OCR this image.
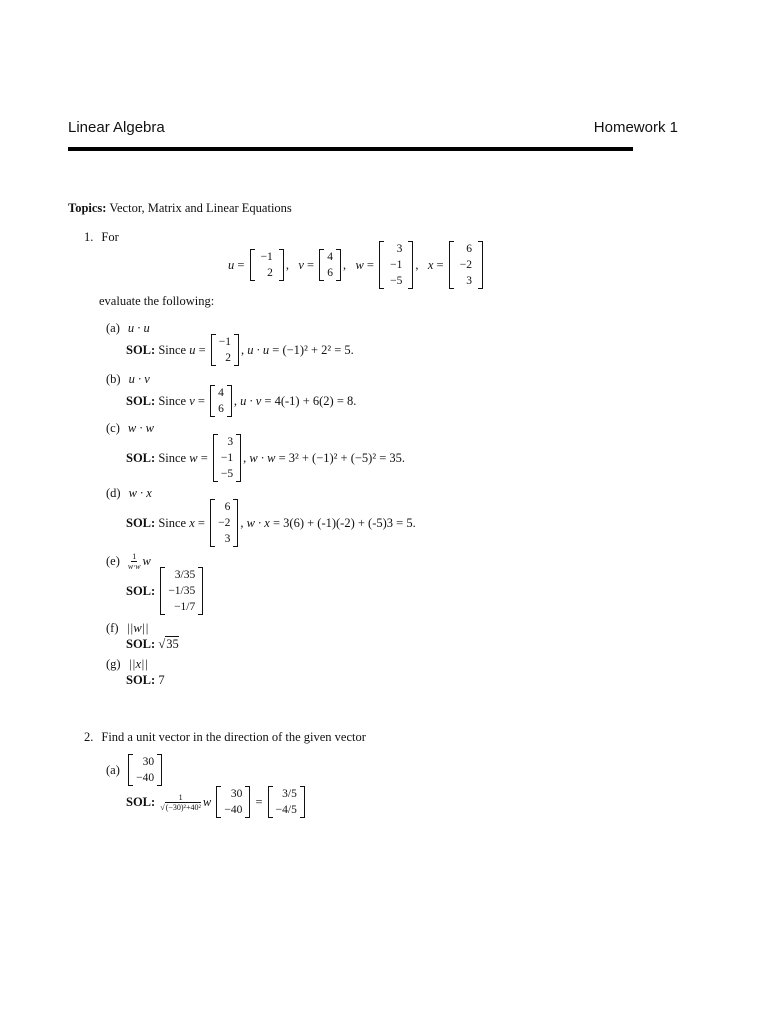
Linear Algebra	Homework 1
Topics: Vector, Matrix and Linear Equations
1. For
u =
−1
2
, v =
4
6
, w =
3
−1
−5
, x =
6
−2
3
evaluate the following:
(a) u · u
SOL:
Since
u =
−1
2
, u · u
= (−1)² + 2² = 5.
(b) u · v
SOL:
Since
v =
4
6
, u · v
= 4(-1) + 6(2) = 8.
(c) w · w
SOL:
Since
w =
3
−1
−5
, w · w
= 3² + (−1)² + (−5)² = 35.
(d) w · x
SOL:
Since
x =
6
−2
3
, w · x
= 3(6) + (-1)(-2) + (-5)3 = 5.
$(e) \frac{1}{w\cdot w}$ w
SOL:

3/35
−1/35
−1/7
(f) ||w||
SOL:
√ 35
(g) ||x||
SOL:
7
2. Find a unit vector in the direction of the given vector
(a)

30
−40
SOL:
$\frac{1}{\text{√(−30)²+40²}}$ w

30
−40
=
3/5
−4/5
